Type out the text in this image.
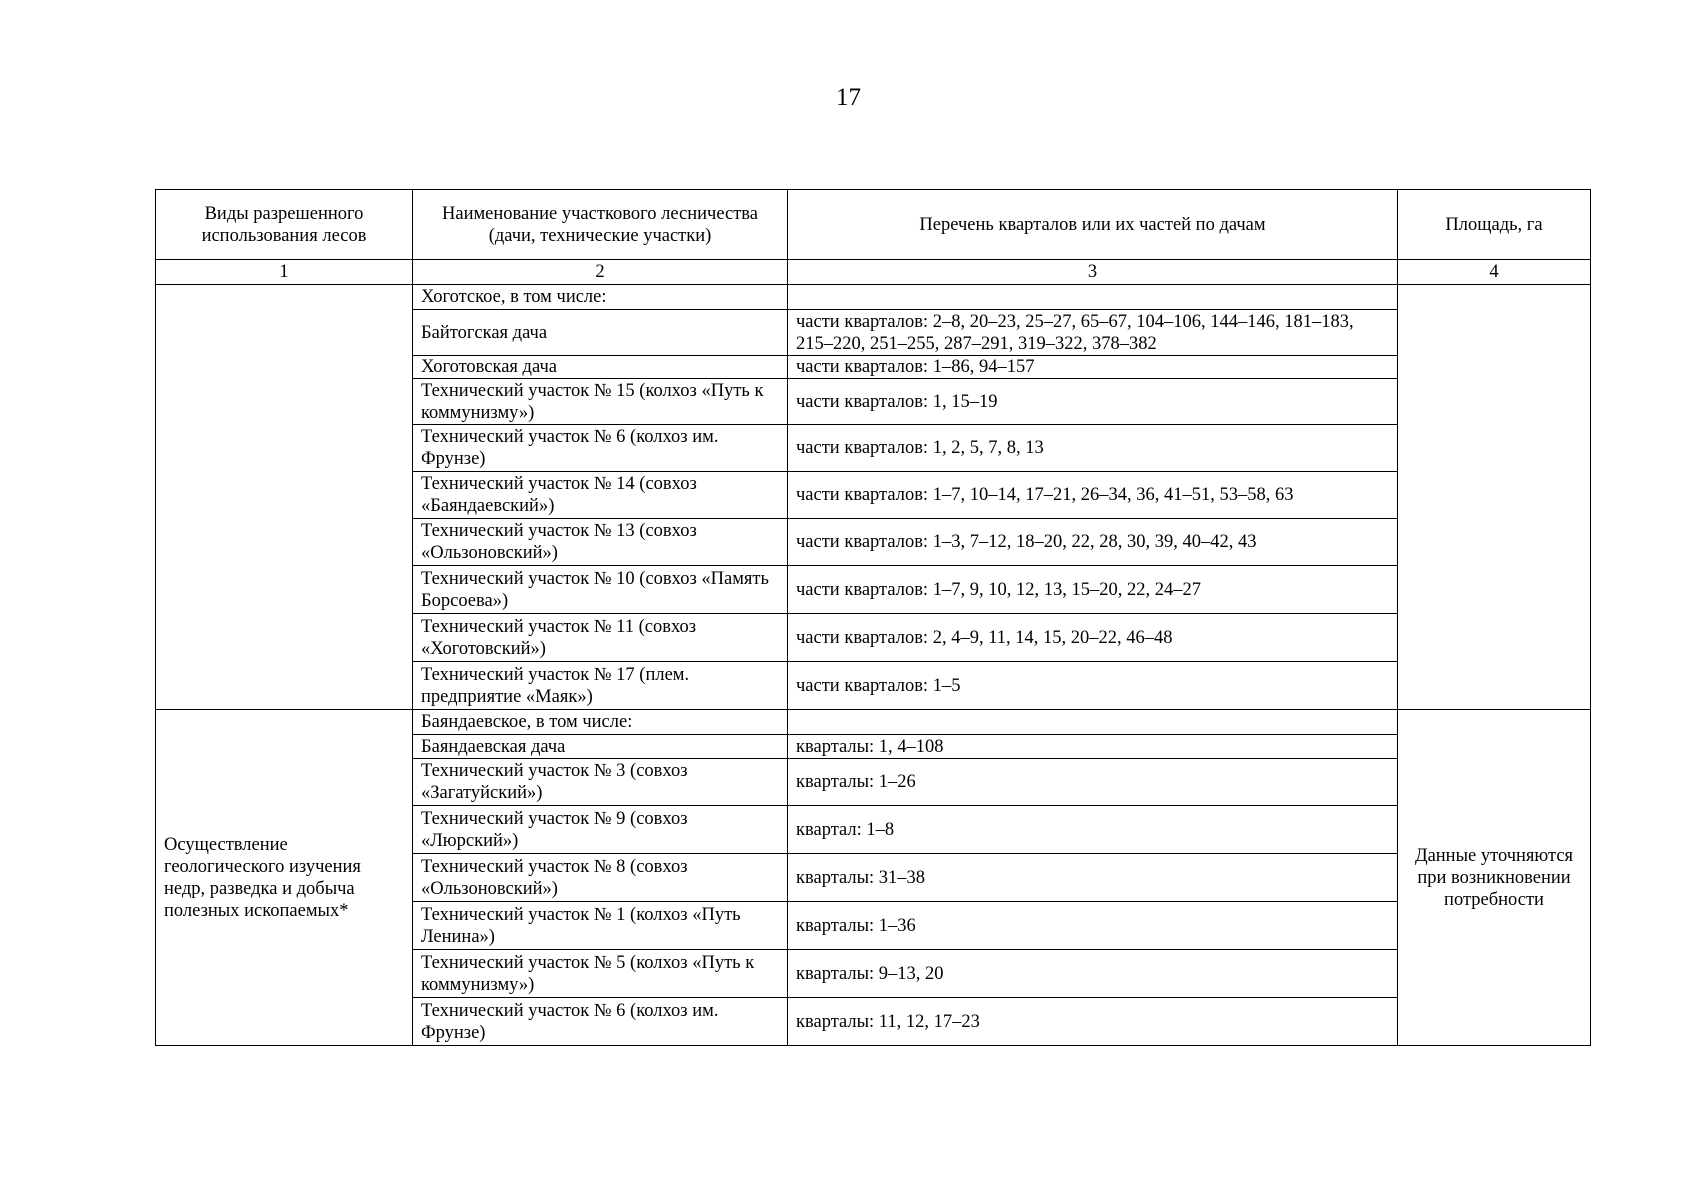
17
Виды разрешенного использования лесов	Наименование участкового лесничества (дачи, технические участки)	Перечень кварталов или их частей по дачам	Площадь, га
1	2	3	4
	Хоготское, в том числе:		
	Байтогская дача	части кварталов: 2–8, 20–23, 25–27, 65–67, 104–106, 144–146, 181–183, 215–220, 251–255, 287–291, 319–322, 378–382	
	Хоготовская дача	части кварталов: 1–86, 94–157	
	Технический участок № 15 (колхоз «Путь к коммунизму»)	части кварталов: 1, 15–19	
	Технический участок № 6 (колхоз им. Фрунзе)	части кварталов: 1, 2, 5, 7, 8, 13	
	Технический участок № 14 (совхоз «Баяндаевский»)	части кварталов: 1–7, 10–14, 17–21, 26–34, 36, 41–51, 53–58, 63	
	Технический участок № 13 (совхоз «Ользоновский»)	части кварталов: 1–3, 7–12, 18–20, 22, 28, 30, 39, 40–42, 43	
	Технический участок № 10 (совхоз «Память Борсоева»)	части кварталов: 1–7, 9, 10, 12, 13, 15–20, 22, 24–27	
	Технический участок № 11 (совхоз «Хоготовский»)	части кварталов: 2, 4–9, 11, 14, 15, 20–22, 46–48	
	Технический участок № 17 (плем. предприятие «Маяк»)	части кварталов: 1–5	
Осуществление геологического изучения недр, разведка и добыча полезных ископаемых*	Баяндаевское, в том числе:		Данные уточняются при возникновении потребности
	Баяндаевская дача	кварталы: 1, 4–108	
	Технический участок № 3 (совхоз «Загатуйский»)	кварталы: 1–26	
	Технический участок № 9 (совхоз «Люрский»)	квартал: 1–8	
	Технический участок № 8 (совхоз «Ользоновский»)	кварталы: 31–38	
	Технический участок № 1 (колхоз «Путь Ленина»)	кварталы: 1–36	
	Технический участок № 5 (колхоз «Путь к коммунизму»)	кварталы: 9–13, 20	
	Технический участок № 6 (колхоз им. Фрунзе)	кварталы: 11, 12, 17–23	
